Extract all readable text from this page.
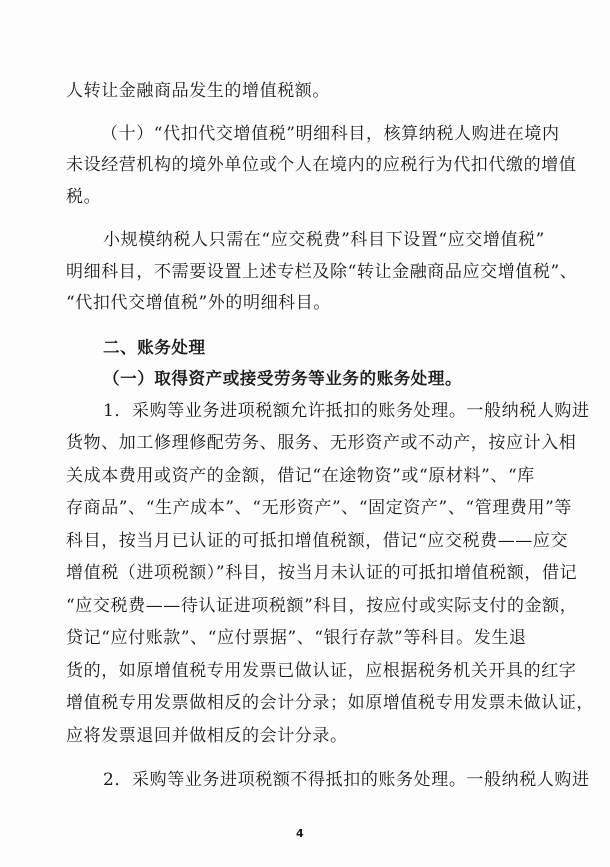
人转让金融商品发生的增值税额。
（十）“代扣代交增值税”明细科目，核算纳税人购进在境内
未设经营机构的境外单位或个人在境内的应税行为代扣代缴的增值
税。
小规模纳税人只需在“应交税费”科目下设置“应交增值税”
明细科目，不需要设置上述专栏及除“转让金融商品应交增值税”、
“代扣代交增值税”外的明细科目。
二、账务处理
（一）取得资产或接受劳务等业务的账务处理。
1．采购等业务进项税额允许抵扣的账务处理。一般纳税人购进
货物、加工修理修配劳务、服务、无形资产或不动产，按应计入相
关成本费用或资产的金额，借记“在途物资”或“原材料”、“库
存商品”、“生产成本”、“无形资产”、“固定资产”、“管理费用”等
科目，按当月已认证的可抵扣增值税额，借记“应交税费——应交
增值税（进项税额）”科目，按当月未认证的可抵扣增值税额，借记
“应交税费——待认证进项税额”科目，按应付或实际支付的金额，
贷记“应付账款”、“应付票据”、“银行存款”等科目。发生退
货的，如原增值税专用发票已做认证，应根据税务机关开具的红字
增值税专用发票做相反的会计分录；如原增值税专用发票未做认证，
应将发票退回并做相反的会计分录。
2．采购等业务进项税额不得抵扣的账务处理。一般纳税人购进
4
